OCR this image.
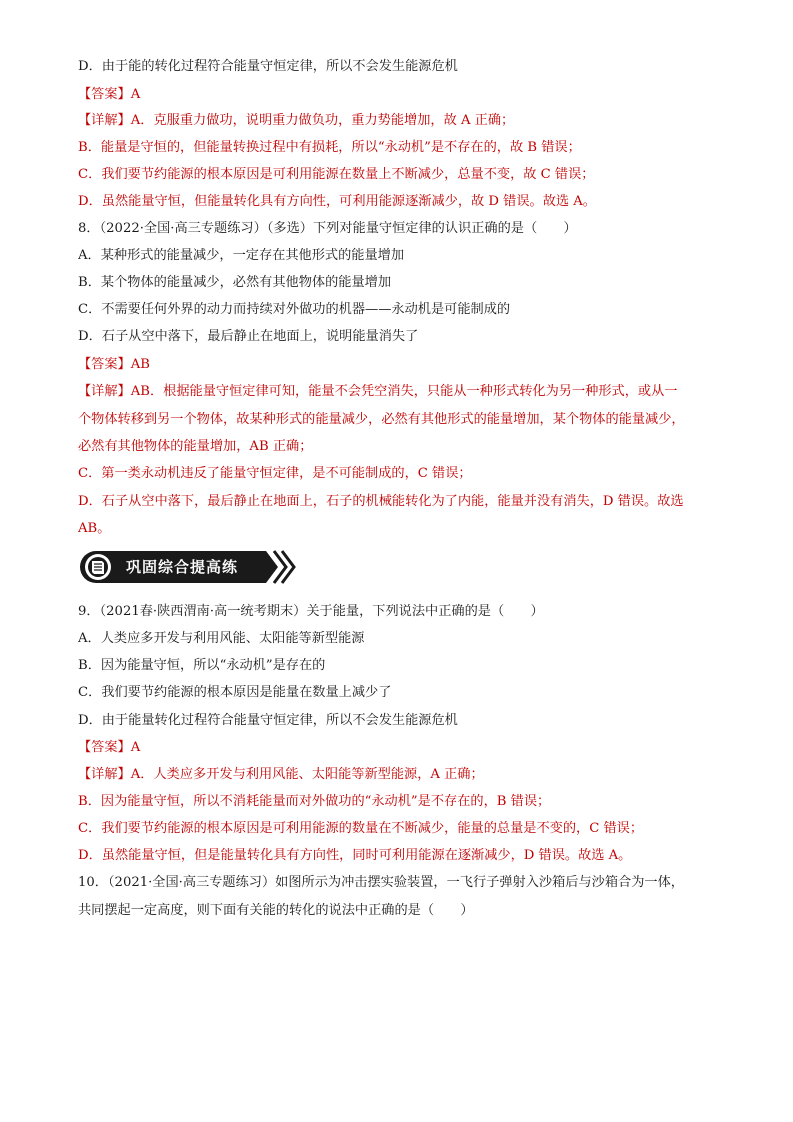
D．由于能的转化过程符合能量守恒定律，所以不会发生能源危机
【答案】A
【详解】A．克服重力做功，说明重力做负功，重力势能增加，故 A 正确；
B．能量是守恒的，但能量转换过程中有损耗，所以“永动机”是不存在的，故 B 错误；
C．我们要节约能源的根本原因是可利用能源在数量上不断减少，总量不变，故 C 错误；
D．虽然能量守恒，但能量转化具有方向性，可利用能源逐渐减少，故 D 错误。故选 A。
8．（2022·全国·高三专题练习）（多选）下列对能量守恒定律的认识正确的是（　　）
A．某种形式的能量减少，一定存在其他形式的能量增加
B．某个物体的能量减少，必然有其他物体的能量增加
C．不需要任何外界的动力而持续对外做功的机器——永动机是可能制成的
D．石子从空中落下，最后静止在地面上，说明能量消失了
【答案】AB
【详解】AB．根据能量守恒定律可知，能量不会凭空消失，只能从一种形式转化为另一种形式，或从一
个物体转移到另一个物体，故某种形式的能量减少，必然有其他形式的能量增加，某个物体的能量减少，
必然有其他物体的能量增加，AB 正确；
C．第一类永动机违反了能量守恒定律，是不可能制成的，C 错误；
D．石子从空中落下，最后静止在地面上，石子的机械能转化为了内能，能量并没有消失，D 错误。故选
AB。
巩固综合提高练
9．（2021春·陕西渭南·高一统考期末）关于能量，下列说法中正确的是（　　）
A．人类应多开发与利用风能、太阳能等新型能源
B．因为能量守恒，所以“永动机”是存在的
C．我们要节约能源的根本原因是能量在数量上减少了
D．由于能量转化过程符合能量守恒定律，所以不会发生能源危机
【答案】A
【详解】A．人类应多开发与利用风能、太阳能等新型能源，A 正确；
B．因为能量守恒，所以不消耗能量而对外做功的“永动机”是不存在的，B 错误；
C．我们要节约能源的根本原因是可利用能源的数量在不断减少，能量的总量是不变的，C 错误；
D．虽然能量守恒，但是能量转化具有方向性，同时可利用能源在逐渐减少，D 错误。故选 A。
10．（2021·全国·高三专题练习）如图所示为冲击摆实验装置，一飞行子弹射入沙箱后与沙箱合为一体，
共同摆起一定高度，则下面有关能的转化的说法中正确的是（　　）
